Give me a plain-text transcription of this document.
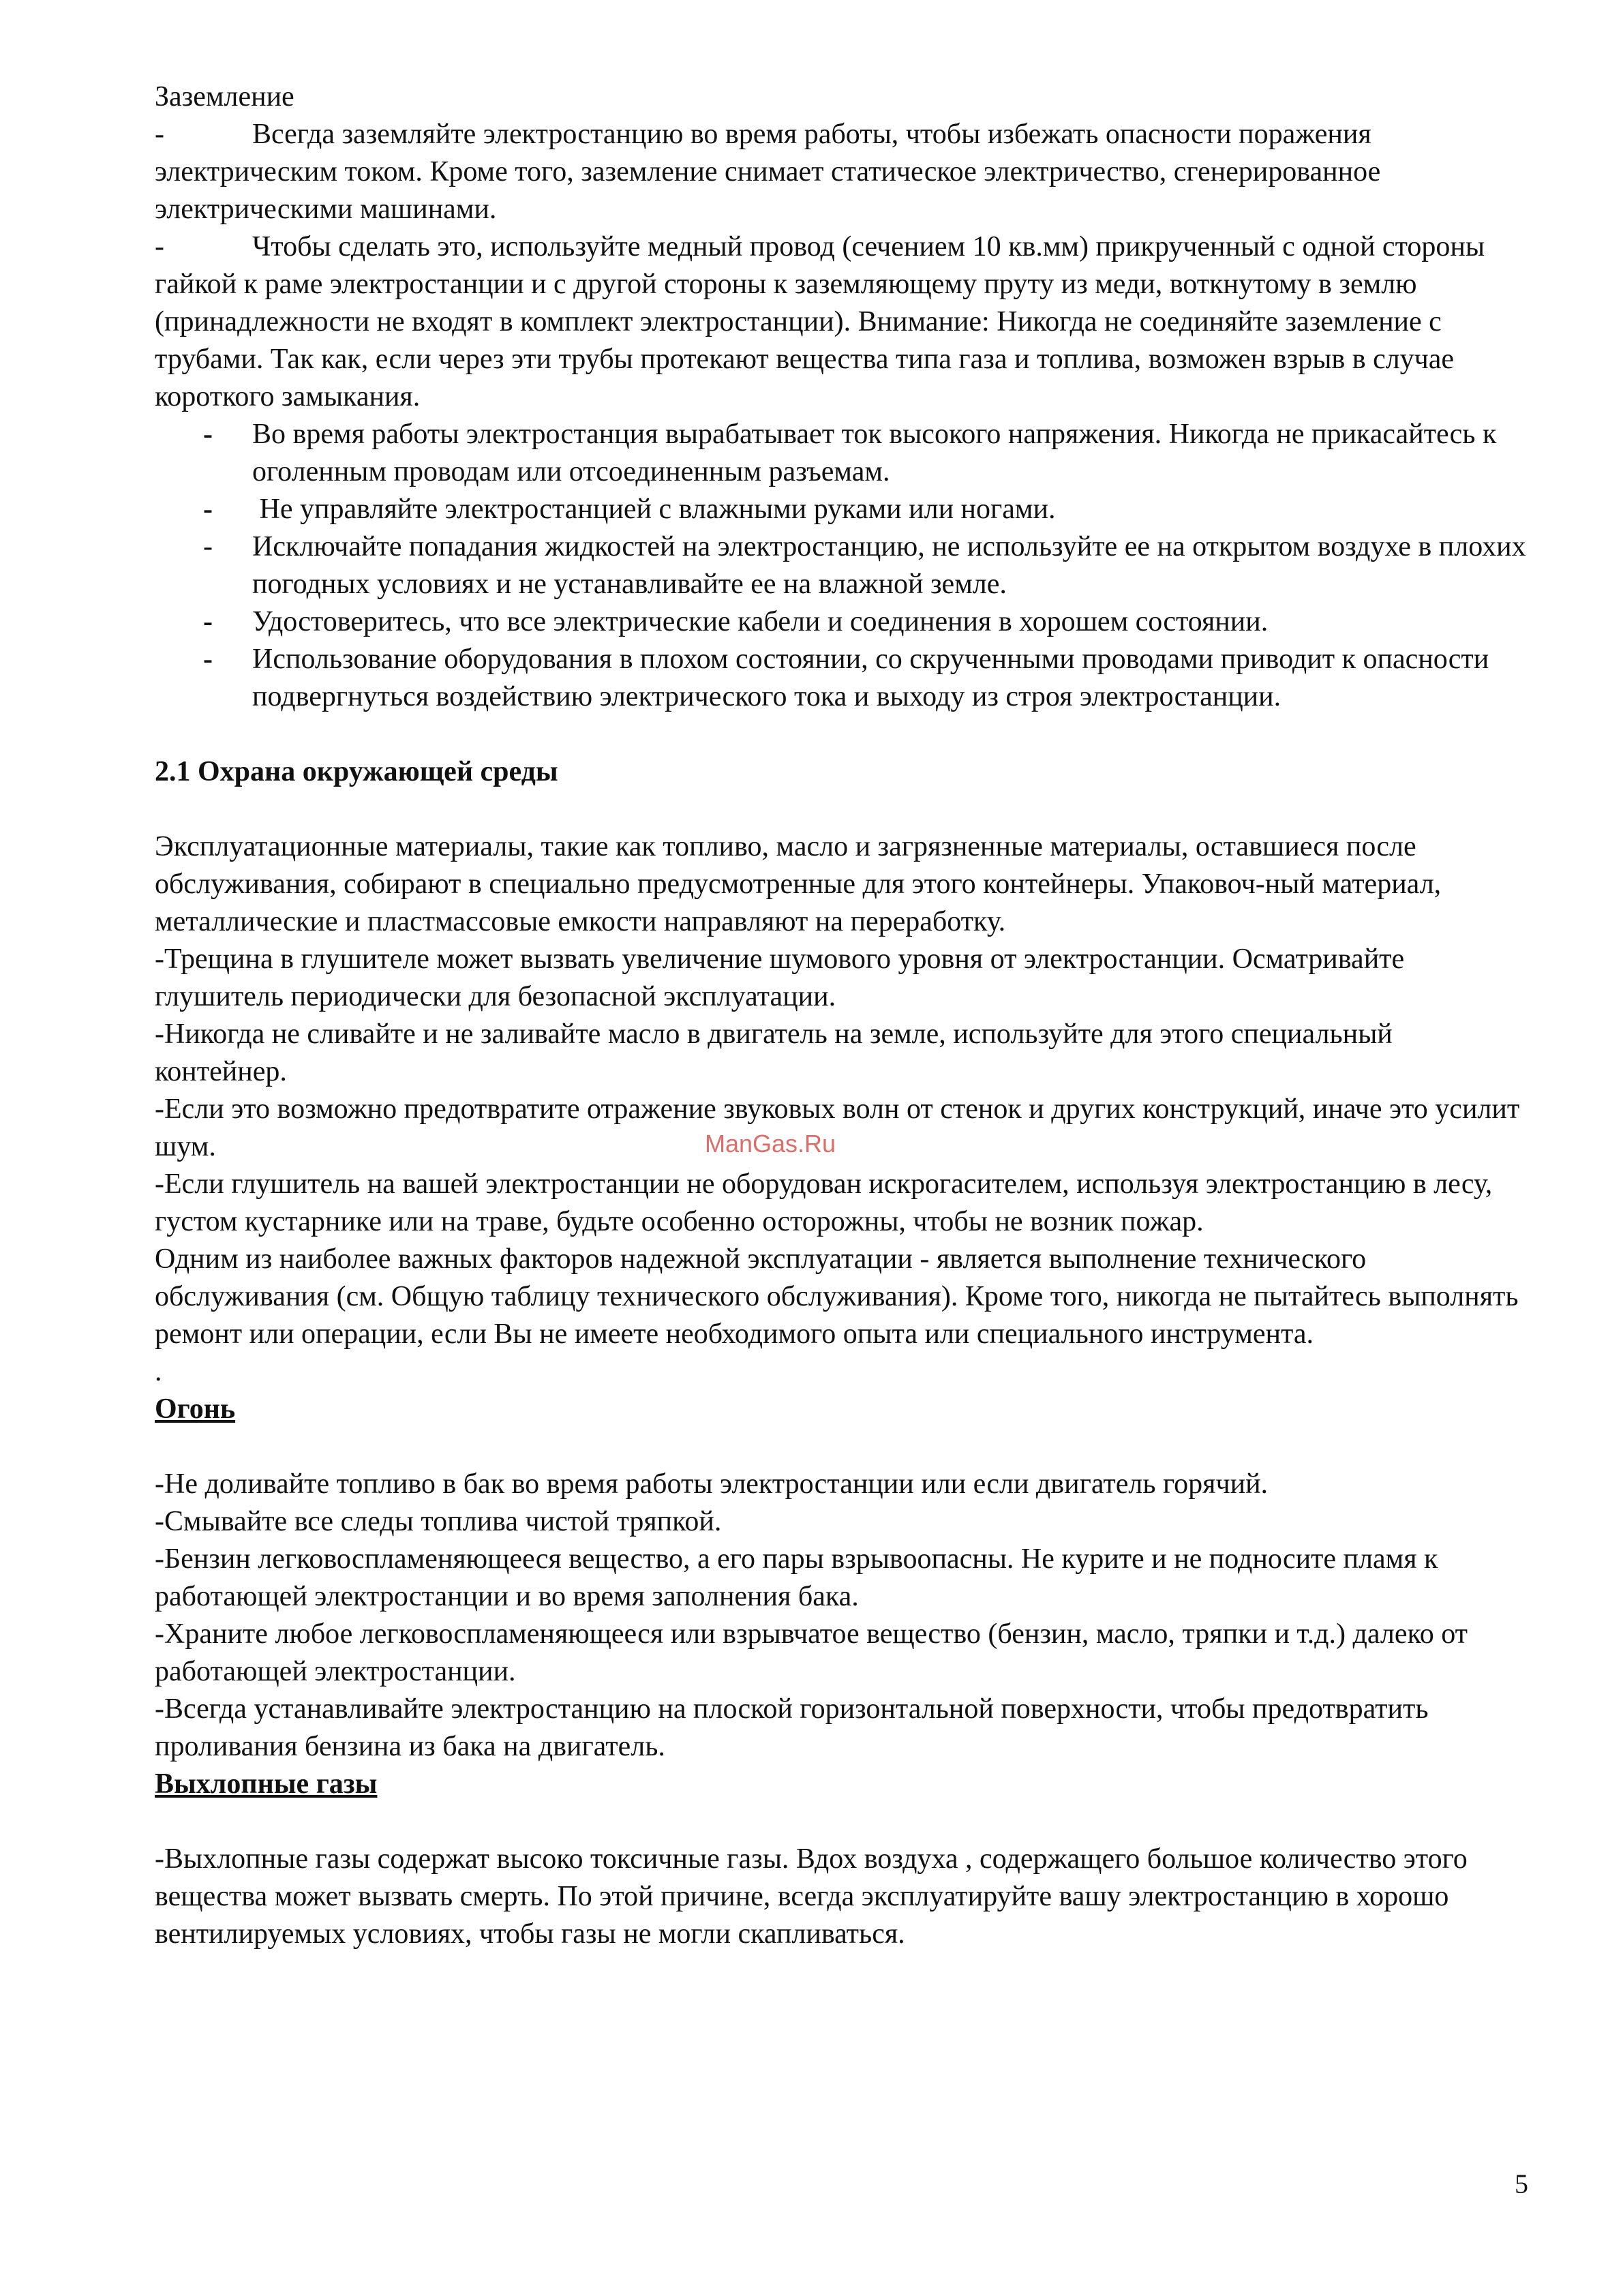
Заземление

-	Всегда заземляйте электростанцию во время работы, чтобы избежать опасности поражения электрическим током. Кроме того, заземление снимает статическое электричество, сгенерированное электрическими машинами.

-	Чтобы сделать это, используйте медный провод (сечением 10 кв.мм) прикрученный с одной стороны гайкой к раме электростанции и с другой стороны к заземляющему пруту из меди, воткнутому в землю (принадлежности не входят в комплект электростанции). Внимание: Никогда не соединяйте заземление с трубами. Так как, если через эти трубы протекают вещества типа газа и топлива, возможен взрыв в случае короткого замыкания.

-	Во время работы электростанция вырабатывает ток высокого напряжения. Никогда не прикасайтесь к оголенным проводам или отсоединенным разъемам.
-	Не управляйте электростанцией с влажными руками или ногами.
-	Исключайте попадания жидкостей на электростанцию, не используйте ее на открытом воздухе в плохих погодных условиях и не устанавливайте ее на влажной земле.
-	Удостоверитесь, что все электрические кабели и соединения в хорошем состоянии.
-	Использование оборудования в плохом состоянии, со скрученными проводами приводит к опасности подвергнуться воздействию электрического тока и выходу из строя электростанции.

2.1 Охрана окружающей среды

Эксплуатационные материалы, такие как топливо, масло и загрязненные материалы, оставшиеся после обслуживания, собирают в специально предусмотренные для этого контейнеры. Упаковоч-ный материал, металлические и пластмассовые емкости направляют на переработку.

-Трещина в глушителе может вызвать увеличение шумового уровня от электростанции. Осматривайте глушитель периодически для безопасной эксплуатации.

-Никогда не сливайте и не заливайте масло в двигатель на земле, используйте для этого специальный контейнер.

-Если это возможно предотвратите отражение звуковых волн от стенок и других конструкций, иначе это усилит шум.

-Если глушитель на вашей электростанции не оборудован искрогасителем, используя электростанцию в лесу, густом кустарнике или на траве, будьте особенно осторожны, чтобы не возник пожар.

Одним из наиболее важных факторов надежной эксплуатации - является выполнение технического обслуживания (см. Общую таблицу технического обслуживания). Кроме того, никогда не пытайтесь выполнять ремонт или операции, если Вы не имеете необходимого опыта или специального инструмента.

.

Огонь

-Не доливайте топливо в бак во время работы электростанции или если двигатель горячий.

-Смывайте все следы топлива чистой тряпкой.

-Бензин легковоспламеняющееся вещество, а его пары взрывоопасны. Не курите и не подносите пламя к работающей электростанции и во время заполнения бака.

-Храните любое легковоспламеняющееся или взрывчатое вещество (бензин, масло, тряпки и т.д.) далеко от работающей электростанции.

-Всегда устанавливайте электростанцию на плоской горизонтальной поверхности, чтобы предотвратить проливания бензина из бака на двигатель.

Выхлопные газы

-Выхлопные газы содержат высоко токсичные газы. Вдох воздуха , содержащего большое количество этого вещества может вызвать смерть. По этой причине, всегда эксплуатируйте вашу электростанцию в хорошо вентилируемых условиях, чтобы газы не могли скапливаться.

ManGas.Ru
5
